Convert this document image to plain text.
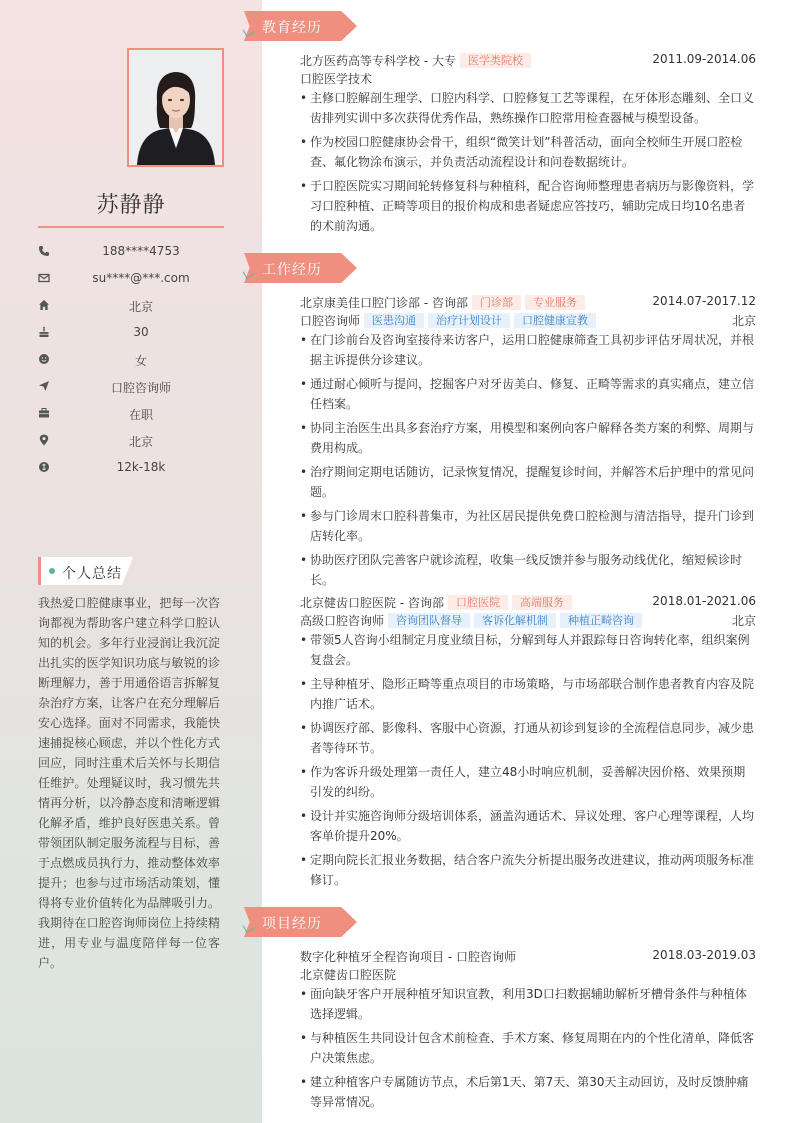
苏静静
188****4753
su****@***.com
北京
30
女
口腔咨询师
在职
北京
12k-18k
个人总结
我热爱口腔健康事业，把每一次咨询都视为帮助客户建立科学口腔认知的机会。多年行业浸润让我沉淀出扎实的医学知识功底与敏锐的诊断理解力，善于用通俗语言拆解复杂治疗方案，让客户在充分理解后安心选择。面对不同需求，我能快速捕捉核心顾虑，并以个性化方式回应，同时注重术后关怀与长期信任维护。处理疑议时，我习惯先共情再分析，以冷静态度和清晰逻辑化解矛盾，维护良好医患关系。曾带领团队制定服务流程与目标，善于点燃成员执行力，推动整体效率提升；也参与过市场活动策划，懂得将专业价值转化为品牌吸引力。我期待在口腔咨询师岗位上持续精进，用专业与温度陪伴每一位客户。
教育经历
北方医药高等专科学校 - 大专 医学类院校	2011.09-2014.06
口腔医学技术
• 主修口腔解剖生理学、口腔内科学、口腔修复工艺等课程，在牙体形态雕刻、全口义齿排列实训中多次获得优秀作品，熟练操作口腔常用检查器械与模型设备。
• 作为校园口腔健康协会骨干，组织“微笑计划”科普活动，面向全校师生开展口腔检查、氟化物涂布演示，并负责活动流程设计和问卷数据统计。
• 于口腔医院实习期间轮转修复科与种植科，配合咨询师整理患者病历与影像资料，学习口腔种植、正畸等项目的报价构成和患者疑虑应答技巧，辅助完成日均10名患者的术前沟通。
工作经历
北京康美佳口腔门诊部 - 咨询部 门诊部 专业服务	2014.07-2017.12
口腔咨询师 医患沟通 治疗计划设计 口腔健康宣教	北京
• 在门诊前台及咨询室接待来访客户，运用口腔健康筛查工具初步评估牙周状况，并根据主诉提供分诊建议。
• 通过耐心倾听与提问，挖掘客户对牙齿美白、修复、正畸等需求的真实痛点，建立信任档案。
• 协同主治医生出具多套治疗方案，用模型和案例向客户解释各类方案的利弊、周期与费用构成。
• 治疗期间定期电话随访，记录恢复情况，提醒复诊时间，并解答术后护理中的常见问题。
• 参与门诊周末口腔科普集市，为社区居民提供免费口腔检测与清洁指导，提升门诊到店转化率。
• 协助医疗团队完善客户就诊流程，收集一线反馈并参与服务动线优化，缩短候诊时长。
北京健齿口腔医院 - 咨询部 口腔医院 高端服务	2018.01-2021.06
高级口腔咨询师 咨询团队督导 客诉化解机制 种植正畸咨询	北京
• 带领5人咨询小组制定月度业绩目标，分解到每人并跟踪每日咨询转化率，组织案例复盘会。
• 主导种植牙、隐形正畸等重点项目的市场策略，与市场部联合制作患者教育内容及院内推广话术。
• 协调医疗部、影像科、客服中心资源，打通从初诊到复诊的全流程信息同步，减少患者等待环节。
• 作为客诉升级处理第一责任人，建立48小时响应机制，妥善解决因价格、效果预期引发的纠纷。
• 设计并实施咨询师分级培训体系，涵盖沟通话术、异议处理、客户心理等课程，人均客单价提升20%。
• 定期向院长汇报业务数据，结合客户流失分析提出服务改进建议，推动两项服务标准修订。
项目经历
数字化种植牙全程咨询项目 - 口腔咨询师	2018.03-2019.03
北京健齿口腔医院
• 面向缺牙客户开展种植牙知识宣教，利用3D口扫数据辅助解析牙槽骨条件与种植体选择逻辑。
• 与种植医生共同设计包含术前检查、手术方案、修复周期在内的个性化清单，降低客户决策焦虑。
• 建立种植客户专属随访节点，术后第1天、第7天、第30天主动回访，及时反馈肿痛等异常情况。
